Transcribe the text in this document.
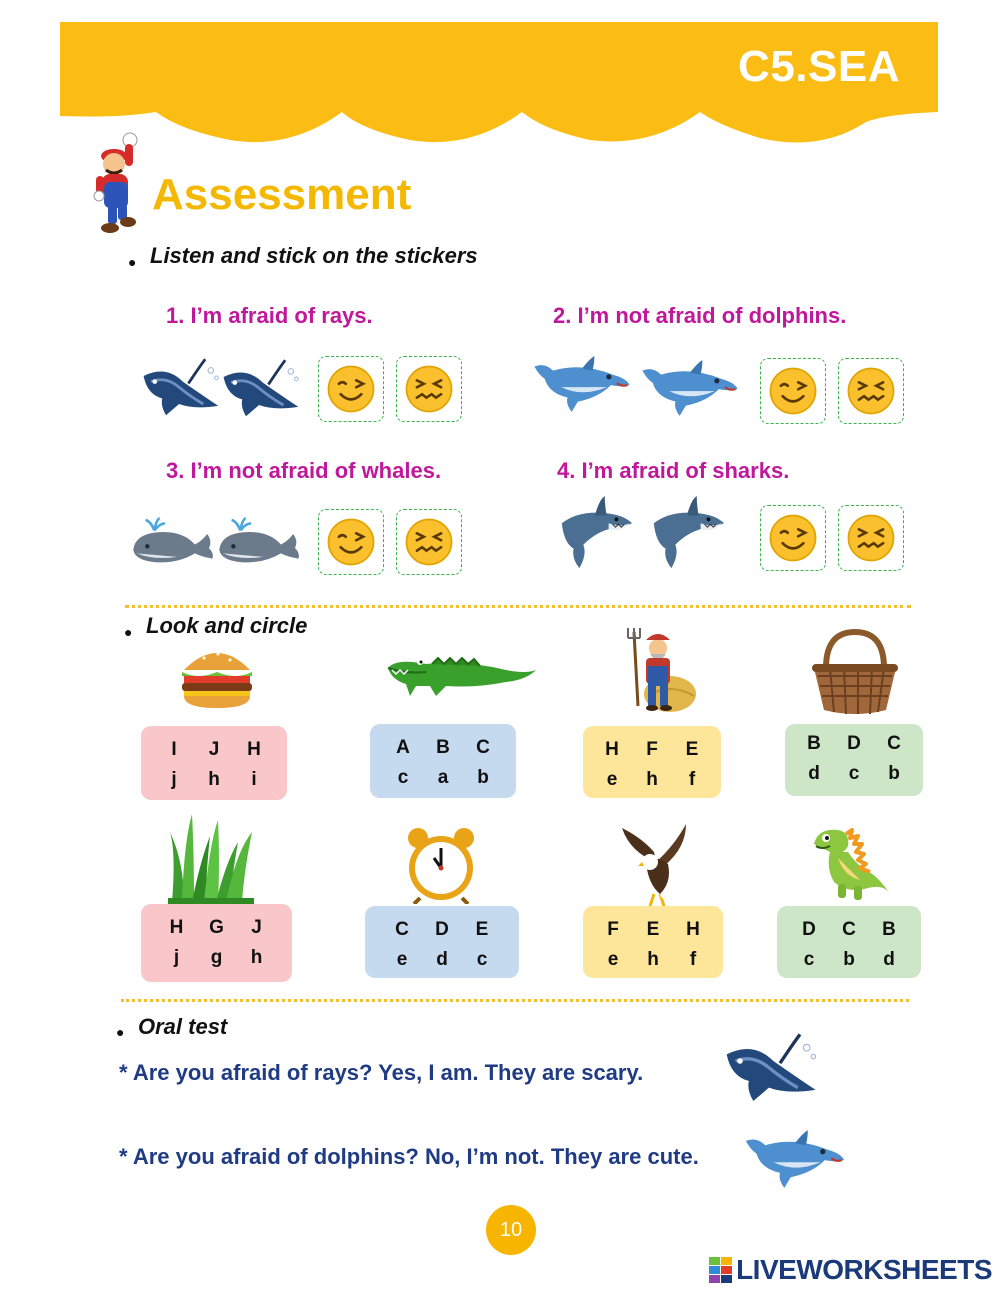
C5.SEA
Assessment
● Listen and stick on the stickers
1. I’m afraid of rays.	2. I’m not afraid of dolphins.
3. I’m not afraid of whales.	4. I’m afraid of sharks.
● Look and circle
I	J	H
j	h	i
A B C
c	a	b
H F E
e	h	f
B D C
d	c	b
H G	J
j	g h
C D E
e	d	c
F E H
e	h	f
D C B
c	b d
● Oral test
* Are you afraid of rays? Yes, I am. They are scary.
* Are you afraid of dolphins? No, I’m not. They are cute.
10
LIVEWORKSHEETS
